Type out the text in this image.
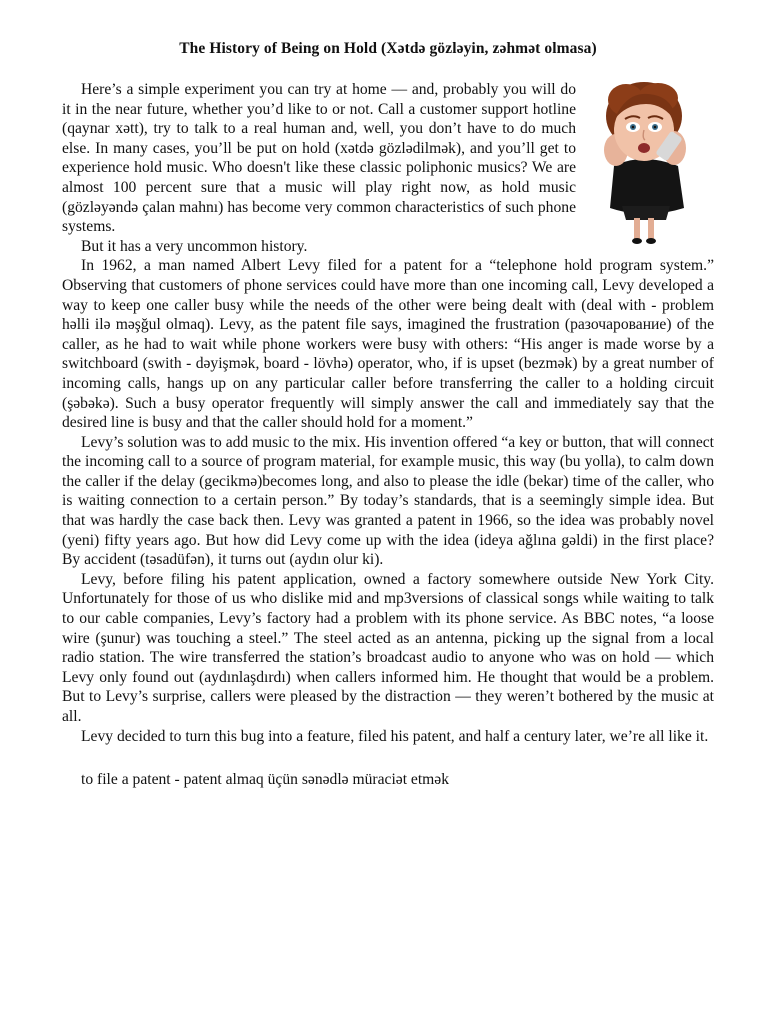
The History of Being on Hold (Xətdə gözləyin, zəhmət olmasa)

Here’s a simple experiment you can try at home — and, probably you will do it in the near future, whether you’d like to or not. Call a customer support hotline (qaynar xətt), try to talk to a real human and, well, you don’t have to do much else. In many cases, you’ll be put on hold (xətdə gözlədilmək), and you’ll get to experience hold music. Who doesn't like these classic poliphonic musics? We are almost 100 percent sure that a music will play right now, as hold music (gözləyəndə çalan mahnı) has become very common characteristics of such phone systems.

But it has a very uncommon history.

In 1962, a man named Albert Levy filed for a patent for a “telephone hold program system.” Observing that customers of phone services could have more than one incoming call, Levy developed a way to keep one caller busy while the needs of the other were being dealt with (deal with - problem həlli ilə məşğul olmaq). Levy, as the patent file says, imagined the frustration (разочарование) of the caller, as he had to wait while phone workers were busy with others: “His anger is made worse by a switchboard (swith - dəyişmək, board - lövhə) operator, who, if is upset (bezmək) by a great number of incoming calls, hangs up on any particular caller before transferring the caller to a holding circuit (şəbəkə). Such a busy operator frequently will simply answer the call and immediately say that the desired line is busy and that the caller should hold for a moment.”

Levy’s solution was to add music to the mix. His invention offered “a key or button, that will connect the incoming call to a source of program material, for example music, this way (bu yolla), to calm down the caller if the delay (gecikmə)becomes long, and also to please the idle (bekar) time of the caller, who is waiting connection to a certain person.” By today’s standards, that is a seemingly simple idea. But that was hardly the case back then. Levy was granted a patent in 1966, so the idea was probably novel (yeni) fifty years ago. But how did Levy come up with the idea (ideya ağlına gəldi) in the first place? By accident (təsadüfən), it turns out (aydın olur ki).

Levy, before filing his patent application, owned a factory somewhere outside New York City. Unfortunately for those of us who dislike mid and mp3versions of classical songs while waiting to talk to our cable companies, Levy’s factory had a problem with its phone service. As BBC notes, “a loose wire (şunur) was touching a steel.” The steel acted as an antenna, picking up the signal from a local radio station. The wire transferred the station’s broadcast audio to anyone who was on hold — which Levy only found out (aydınlaşdırdı) when callers informed him. He thought that would be a problem. But to Levy’s surprise, callers were pleased by the distraction — they weren’t bothered by the music at all.

Levy decided to turn this bug into a feature, filed his patent, and half a century later, we’re all like it.

to file a patent - patent almaq üçün sənədlə müraciət etmək
